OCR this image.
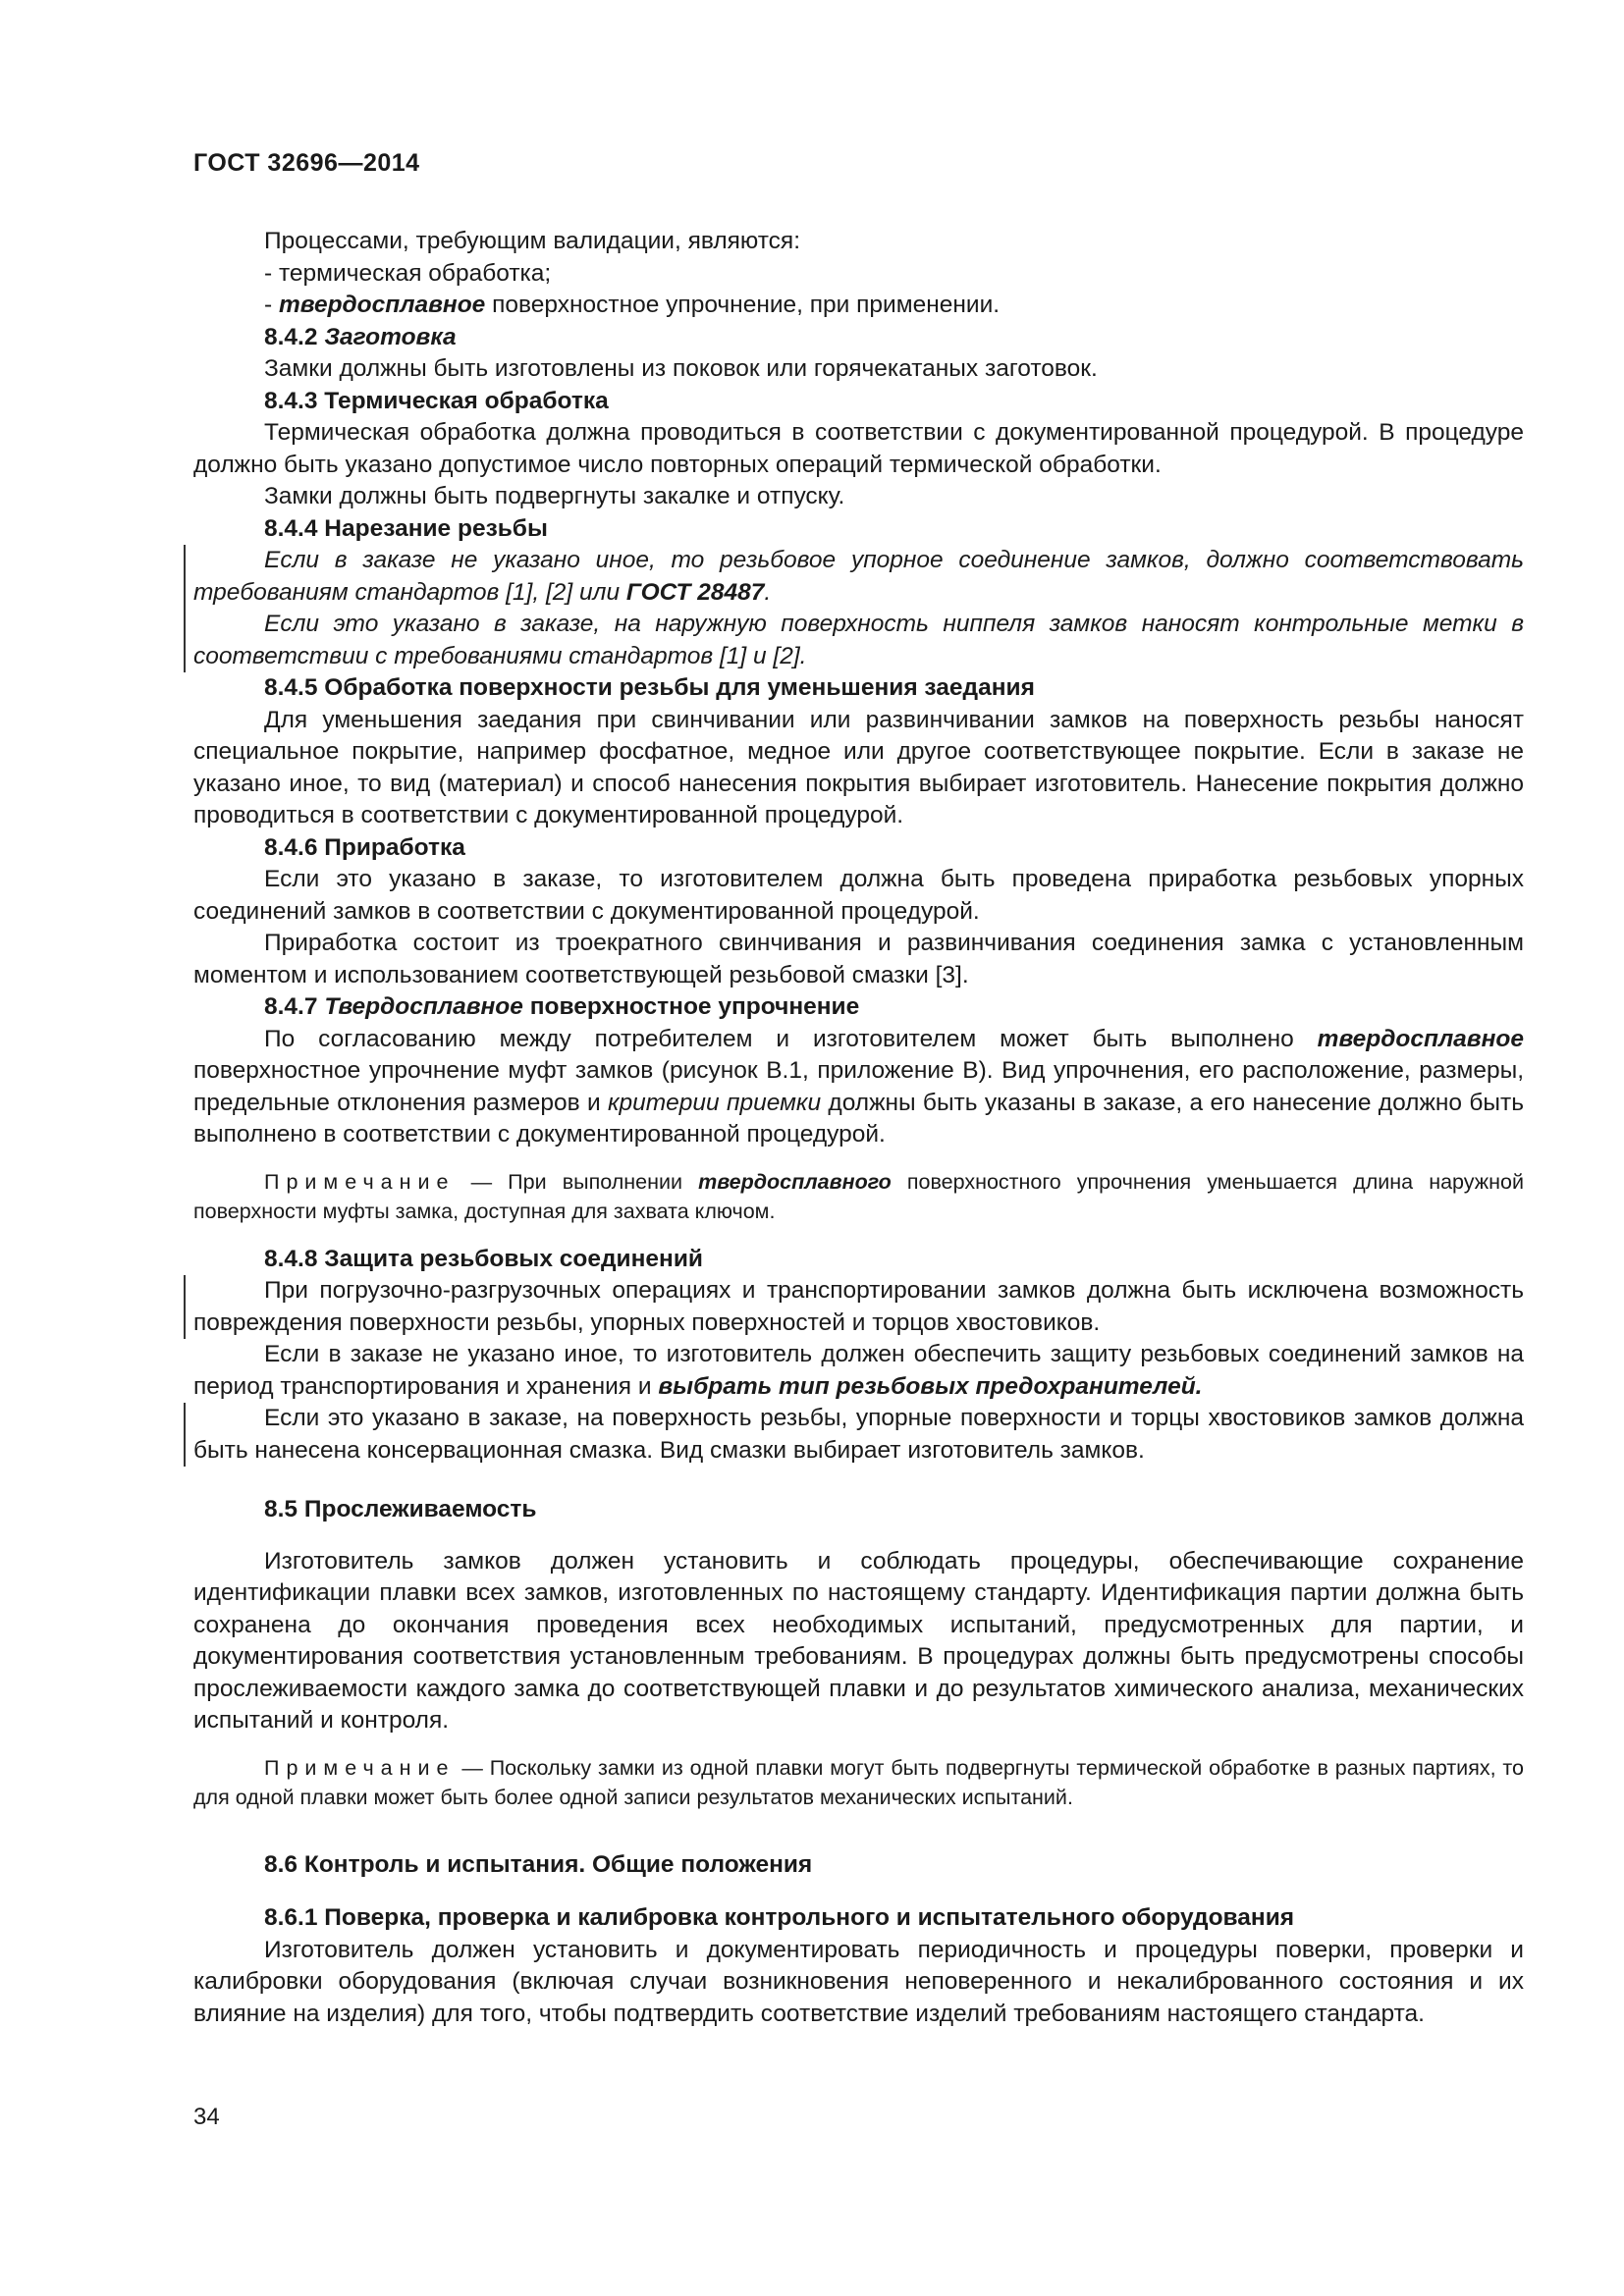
ГОСТ 32696—2014

Процессами, требующим валидации, являются:

- термическая обработка;

- твердосплавное поверхностное упрочнение, при применении.

8.4.2 Заготовка

Замки должны быть изготовлены из поковок или горячекатаных заготовок.

8.4.3 Термическая обработка

Термическая обработка должна проводиться в соответствии с документированной процедурой. В процедуре должно быть указано допустимое число повторных операций термической обработки.

Замки должны быть подвергнуты закалке и отпуску.

8.4.4 Нарезание резьбы

Если в заказе не указано иное, то резьбовое упорное соединение замков, должно соответствовать требованиям стандартов [1], [2] или ГОСТ 28487.

Если это указано в заказе, на наружную поверхность ниппеля замков наносят контрольные метки в соответствии с требованиями стандартов [1] и [2].

8.4.5 Обработка поверхности резьбы для уменьшения заедания

Для уменьшения заедания при свинчивании или развинчивании замков на поверхность резьбы наносят специальное покрытие, например фосфатное, медное или другое соответствующее покрытие. Если в заказе не указано иное, то вид (материал) и способ нанесения покрытия выбирает изготовитель. Нанесение покрытия должно проводиться в соответствии с документированной процедурой.

8.4.6 Приработка

Если это указано в заказе, то изготовителем должна быть проведена приработка резьбовых упорных соединений замков в соответствии с документированной процедурой.

Приработка состоит из троекратного свинчивания и развинчивания соединения замка с установленным моментом и использованием соответствующей резьбовой смазки [3].

8.4.7 Твердосплавное поверхностное упрочнение

По согласованию между потребителем и изготовителем может быть выполнено твердосплавное поверхностное упрочнение муфт замков (рисунок В.1, приложение В). Вид упрочнения, его расположение, размеры, предельные отклонения размеров и критерии приемки должны быть указаны в заказе, а его нанесение должно быть выполнено в соответствии с документированной процедурой.

Примечание — При выполнении твердосплавного поверхностного упрочнения уменьшается длина наружной поверхности муфты замка, доступная для захвата ключом.

8.4.8 Защита резьбовых соединений

При погрузочно-разгрузочных операциях и транспортировании замков должна быть исключена возможность повреждения поверхности резьбы, упорных поверхностей и торцов хвостовиков.

Если в заказе не указано иное, то изготовитель должен обеспечить защиту резьбовых соединений замков на период транспортирования и хранения и выбрать тип резьбовых предохранителей.

Если это указано в заказе, на поверхность резьбы, упорные поверхности и торцы хвостовиков замков должна быть нанесена консервационная смазка. Вид смазки выбирает изготовитель замков.

8.5 Прослеживаемость

Изготовитель замков должен установить и соблюдать процедуры, обеспечивающие сохранение идентификации плавки всех замков, изготовленных по настоящему стандарту. Идентификация партии должна быть сохранена до окончания проведения всех необходимых испытаний, предусмотренных для партии, и документирования соответствия установленным требованиям. В процедурах должны быть предусмотрены способы прослеживаемости каждого замка до соответствующей плавки и до результатов химического анализа, механических испытаний и контроля.

Примечание — Поскольку замки из одной плавки могут быть подвергнуты термической обработке в разных партиях, то для одной плавки может быть более одной записи результатов механических испытаний.

8.6 Контроль и испытания. Общие положения

8.6.1 Поверка, проверка и калибровка контрольного и испытательного оборудования

Изготовитель должен установить и документировать периодичность и процедуры поверки, проверки и калибровки оборудования (включая случаи возникновения неповеренного и некалиброванного состояния и их влияние на изделия) для того, чтобы подтвердить соответствие изделий требованиям настоящего стандарта.

34
